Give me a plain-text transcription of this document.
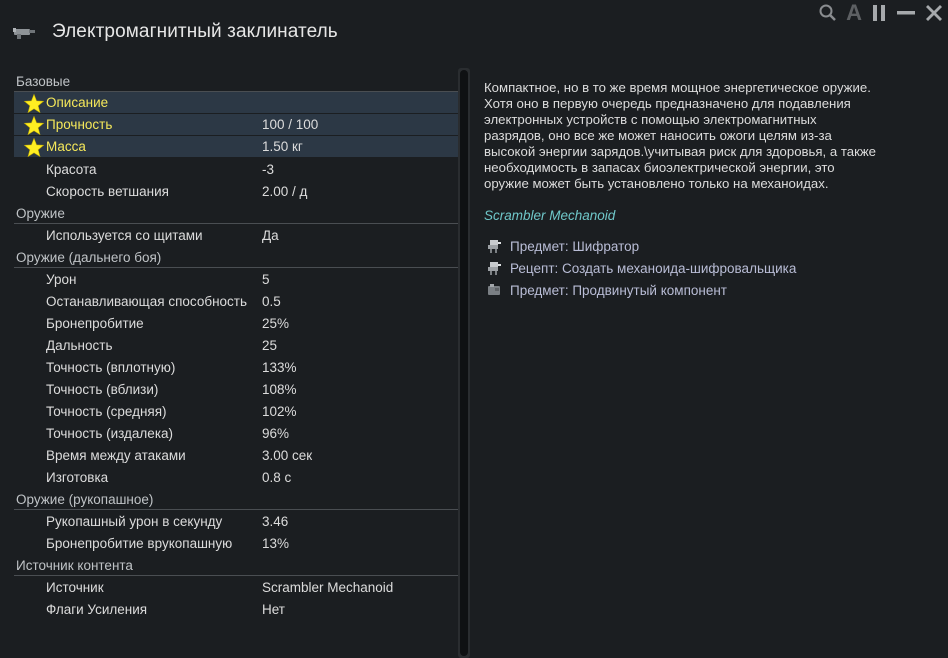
A
Электромагнитный заклинатель
Базовые
Описание
Прочность	100 / 100
Масса	1.50 кг
Красота	-3
Скорость ветшания	2.00 / д
Оружие
Используется со щитами	Да
Оружие (дальнего боя)
Урон	5
Останавливающая способность 0.5
Бронепробитие	25%
Дальность	25
Точность (вплотную)	133%
Точность (вблизи)	108%
Точность (средняя)	102%
Точность (издалека)	96%
Время между атаками	3.00 сек
Изготовка	0.8 с
Оружие (рукопашное)
Рукопашный урон в секунду	3.46
Бронепробитие врукопашную 13%
Источник контента
Источник	Scrambler Mechanoid
Флаги Усиления	Нет
Компактное, но в то же время мощное энергетическое оружие.
Хотя оно в первую очередь предназначено для подавления
электронных устройств с помощью электромагнитных
разрядов, оно все же может наносить ожоги целям из-за
высокой энергии зарядов.\учитывая риск для здоровья, а также
необходимость в запасах биоэлектрической энергии, это
оружие может быть установлено только на механоидах.
Scrambler Mechanoid
Предмет: Шифратор
Рецепт: Создать механоида-шифровальщика
Предмет: Продвинутый компонент
